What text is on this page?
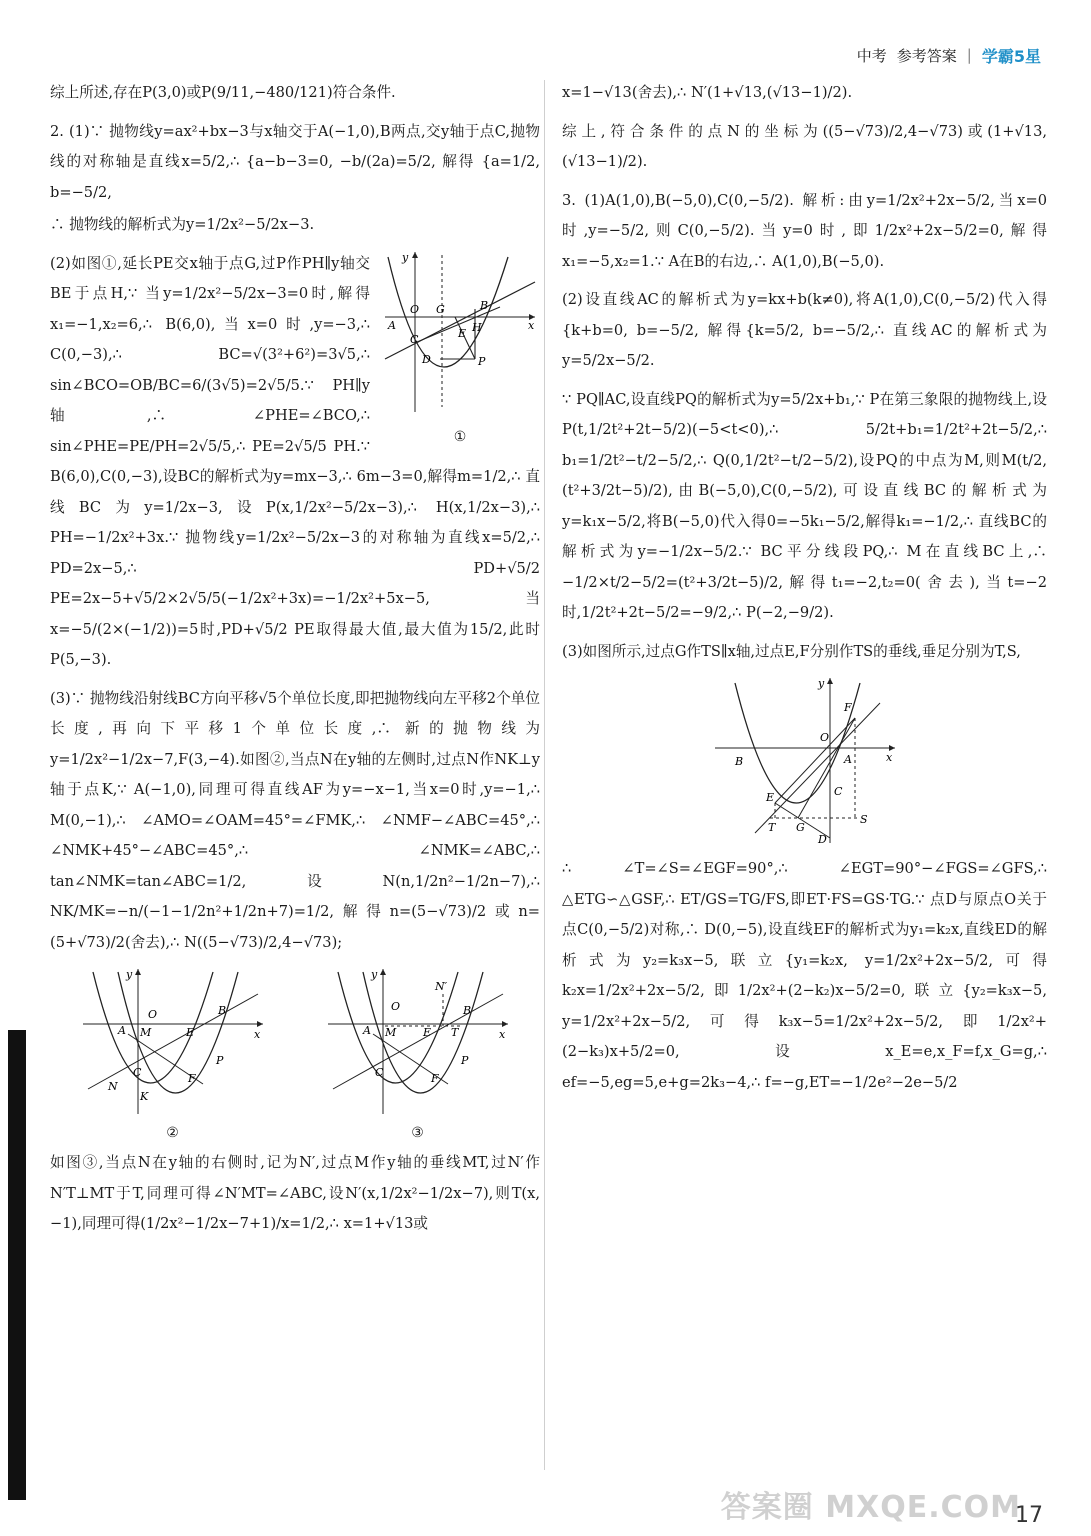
中考 参考答案 | 学霸5星

综上所述,存在P(3,0)或P(9/11,−480/121)符合条件.

2. (1)∵ 抛物线y=ax²+bx−3与x轴交于A(−1,0),B两点,交y轴于点C,抛物线的对称轴是直线x=5/2,∴ {a−b−3=0, −b/(2a)=5/2, 解得 {a=1/2, b=−5/2,

∴ 抛物线的解析式为y=1/2x²−5/2x−3.

O G	B
A
E H
D	P
C
x
y
①

(2)如图①,延长PE交x轴于点G,过P作PH∥y轴交BE于点H,∵ 当y=1/2x²−5/2x−3=0时,解得x₁=−1,x₂=6,∴ B(6,0),当x=0时,y=−3,∴ C(0,−3),∴ BC=√(3²+6²)=3√5,∴ sin∠BCO=OB/BC=6/(3√5)=2√5/5.∵ PH∥y轴,∴ ∠PHE=∠BCO,∴ sin∠PHE=PE/PH=2√5/5,∴ PE=2√5/5 PH.∵ B(6,0),C(0,−3),设BC的解析式为y=mx−3,∴ 6m−3=0,解得m=1/2,∴ 直线BC为y=1/2x−3,设P(x,1/2x²−5/2x−3),∴ H(x,1/2x−3),∴ PH=−1/2x²+3x.∵ 抛物线y=1/2x²−5/2x−3的对称轴为直线x=5/2,∴ PD=2x−5,∴ PD+√5/2 PE=2x−5+√5/2×2√5/5(−1/2x²+3x)=−1/2x²+5x−5,当x=−5/(2×(−1/2))=5时,PD+√5/2 PE取得最大值,最大值为15/2,此时P(5,−3).

(3)∵ 抛物线沿射线BC方向平移√5个单位长度,即把抛物线向左平移2个单位长度,再向下平移1个单位长度,∴ 新的抛物线为y=1/2x²−1/2x−7,F(3,−4).如图②,当点N在y轴的左侧时,过点N作NK⊥y轴于点K,∵ A(−1,0),同理可得直线AF为y=−x−1,当x=0时,y=−1,∴ M(0,−1),∴ ∠AMO=∠OAM=45°=∠FMK,∴ ∠NMF−∠ABC=45°,∴ ∠NMK+45°−∠ABC=45°,∴ ∠NMK=∠ABC,∴ tan∠NMK=tan∠ABC=1/2,设N(n,1/2n²−1/2n−7),∴ NK/MK=−n/(−1−1/2n²+1/2n+7)=1/2,解得n=(5−√73)/2或n=(5+√73)/2(舍去),∴ N((5−√73)/2,4−√73);

O	B
A M	E
P
F
C
N
K
x
y
②
O	B
A M E T
N′
P
F
C
x
y
③

如图③,当点N在y轴的右侧时,记为N′,过点M作y轴的垂线MT,过N′作N′T⊥MT于T,同理可得∠N′MT=∠ABC,设N′(x,1/2x²−1/2x−7),则T(x,−1),同理可得(1/2x²−1/2x−7+1)/x=1/2,∴ x=1+√13或

x=1−√13(舍去),∴ N′(1+√13,(√13−1)/2).

综上,符合条件的点N的坐标为((5−√73)/2,4−√73)或(1+√13,(√13−1)/2).

3. (1)A(1,0),B(−5,0),C(0,−5/2). 解析:由y=1/2x²+2x−5/2,当x=0时,y=−5/2,则C(0,−5/2).当y=0时,即1/2x²+2x−5/2=0,解得x₁=−5,x₂=1.∵ A在B的右边,∴ A(1,0),B(−5,0).

(2)设直线AC的解析式为y=kx+b(k≠0),将A(1,0),C(0,−5/2)代入得{k+b=0, b=−5/2, 解得{k=5/2, b=−5/2,∴ 直线AC的解析式为y=5/2x−5/2.

∵ PQ∥AC,设直线PQ的解析式为y=5/2x+b₁,∵ P在第三象限的抛物线上,设P(t,1/2t²+2t−5/2)(−5<t<0),∴ 5/2t+b₁=1/2t²+2t−5/2,∴ b₁=1/2t²−t/2−5/2,∴ Q(0,1/2t²−t/2−5/2),设PQ的中点为M,则M(t/2,(t²+3/2t−5)/2),由B(−5,0),C(0,−5/2),可设直线BC的解析式为y=k₁x−5/2,将B(−5,0)代入得0=−5k₁−5/2,解得k₁=−1/2,∴ 直线BC的解析式为y=−1/2x−5/2.∵ BC平分线段PQ,∴ M在直线BC上,∴ −1/2×t/2−5/2=(t²+3/2t−5)/2,解得t₁=−2,t₂=0(舍去),当t=−2时,1/2t²+2t−5/2=−9/2,∴ P(−2,−9/2).

(3)如图所示,过点G作TS∥x轴,过点E,F分别作TS的垂线,垂足分别为T,S,

O
B	A
F
C
E
T G
D
S
x
y

∴ ∠T=∠S=∠EGF=90°,∴ ∠EGT=90°−∠FGS=∠GFS,∴ △ETG∽△GSF,∴ ET/GS=TG/FS,即ET·FS=GS·TG.∵ 点D与原点O关于点C(0,−5/2)对称,∴ D(0,−5),设直线EF的解析式为y₁=k₂x,直线ED的解析式为y₂=k₃x−5,联立{y₁=k₂x, y=1/2x²+2x−5/2,可得k₂x=1/2x²+2x−5/2,即1/2x²+(2−k₂)x−5/2=0,联立{y₂=k₃x−5, y=1/2x²+2x−5/2,可得k₃x−5=1/2x²+2x−5/2,即1/2x²+(2−k₃)x+5/2=0,设x_E=e,x_F=f,x_G=g,∴ ef=−5,eg=5,e+g=2k₃−4,∴ f=−g,ET=−1/2e²−2e−5/2

答案圈 MXQE.COM
17
